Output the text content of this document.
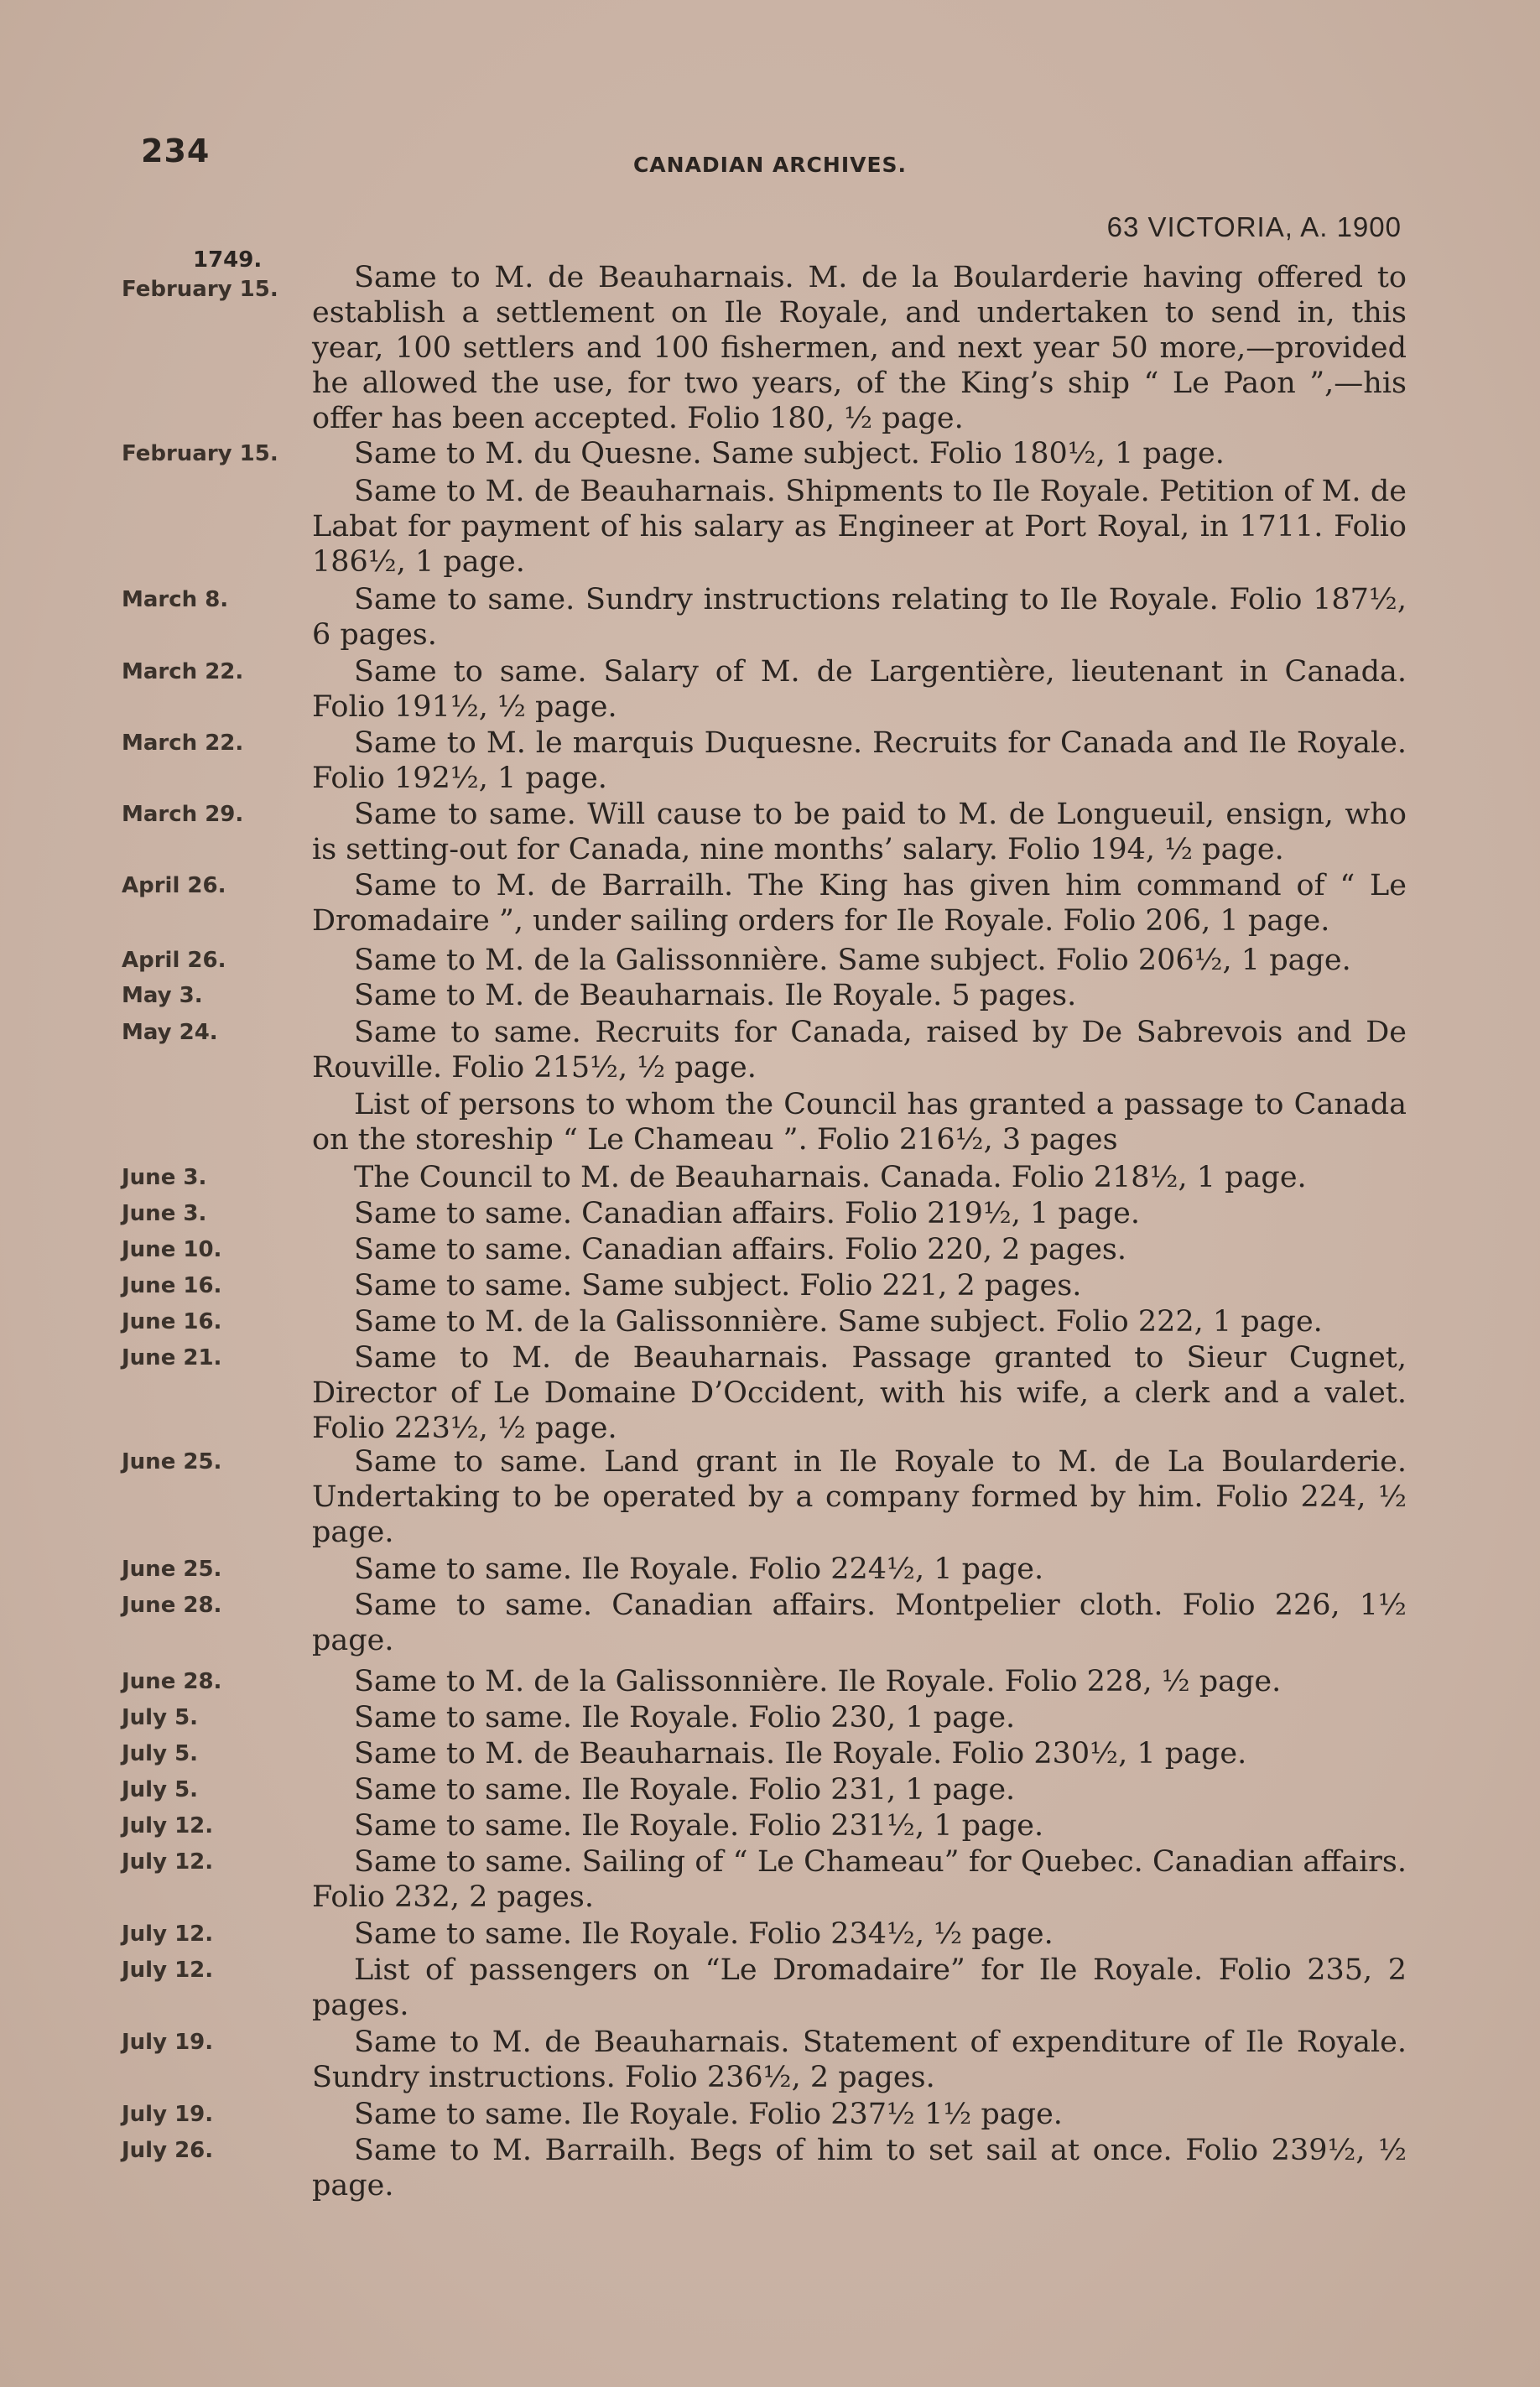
234	CANADIAN ARCHIVES.
63 VICTORIA, A. 1900
1749.
February 15.	Same to M. de Beauharnais. M. de la Boularderie having offered to establish a settlement on Ile Royale, and undertaken to send in, this year, 100 settlers and 100 fishermen, and next year 50 more,—provided he allowed the use, for two years, of the King’s ship “ Le Paon ”,—his offer has been accepted. Folio 180, ½ page.
February 15.	Same to M. du Quesne. Same subject. Folio 180½, 1 page.
Same to M. de Beauharnais. Shipments to Ile Royale. Petition of M. de Labat for payment of his salary as Engineer at Port Royal, in 1711. Folio 186½, 1 page.
March 8.	Same to same. Sundry instructions relating to Ile Royale. Folio 187½, 6 pages.
March 22.	Same to same. Salary of M. de Largentière, lieutenant in Canada. Folio 191½, ½ page.
March 22.	Same to M. le marquis Duquesne. Recruits for Canada and Ile Royale. Folio 192½, 1 page.
March 29.	Same to same. Will cause to be paid to M. de Longueuil, ensign, who is setting-out for Canada, nine months’ salary. Folio 194, ½ page.
April 26.	Same to M. de Barrailh. The King has given him command of “ Le Dromadaire ”, under sailing orders for Ile Royale. Folio 206, 1 page.
April 26.	Same to M. de la Galissonnière. Same subject. Folio 206½, 1 page.
May 3.	Same to M. de Beauharnais. Ile Royale. 5 pages.
May 24.	Same to same. Recruits for Canada, raised by De Sabrevois and De Rouville. Folio 215½, ½ page.
List of persons to whom the Council has granted a passage to Canada on the storeship “ Le Chameau ”. Folio 216½, 3 pages
June 3.	The Council to M. de Beauharnais. Canada. Folio 218½, 1 page.
June 3.	Same to same. Canadian affairs. Folio 219½, 1 page.
June 10.	Same to same. Canadian affairs. Folio 220, 2 pages.
June 16.	Same to same. Same subject. Folio 221, 2 pages.
June 16.	Same to M. de la Galissonnière. Same subject. Folio 222, 1 page.
June 21.	Same to M. de Beauharnais. Passage granted to Sieur Cugnet, Director of Le Domaine D’Occident, with his wife, a clerk and a valet. Folio 223½, ½ page.
June 25.	Same to same. Land grant in Ile Royale to M. de La Boularderie. Undertaking to be operated by a company formed by him. Folio 224, ½ page.
June 25.	Same to same. Ile Royale. Folio 224½, 1 page.
June 28.	Same to same. Canadian affairs. Montpelier cloth. Folio 226, 1½ page.
June 28.	Same to M. de la Galissonnière. Ile Royale. Folio 228, ½ page.
July 5.	Same to same. Ile Royale. Folio 230, 1 page.
July 5.	Same to M. de Beauharnais. Ile Royale. Folio 230½, 1 page.
July 5.	Same to same. Ile Royale. Folio 231, 1 page.
July 12.	Same to same. Ile Royale. Folio 231½, 1 page.
July 12.	Same to same. Sailing of “ Le Chameau” for Quebec. Canadian affairs. Folio 232, 2 pages.
July 12.	Same to same. Ile Royale. Folio 234½, ½ page.
July 12.	List of passengers on “Le Dromadaire” for Ile Royale. Folio 235, 2 pages.
July 19.	Same to M. de Beauharnais. Statement of expenditure of Ile Royale. Sundry instructions. Folio 236½, 2 pages.
July 19.	Same to same. Ile Royale. Folio 237½ 1½ page.
July 26.	Same to M. Barrailh. Begs of him to set sail at once. Folio 239½, ½ page.
